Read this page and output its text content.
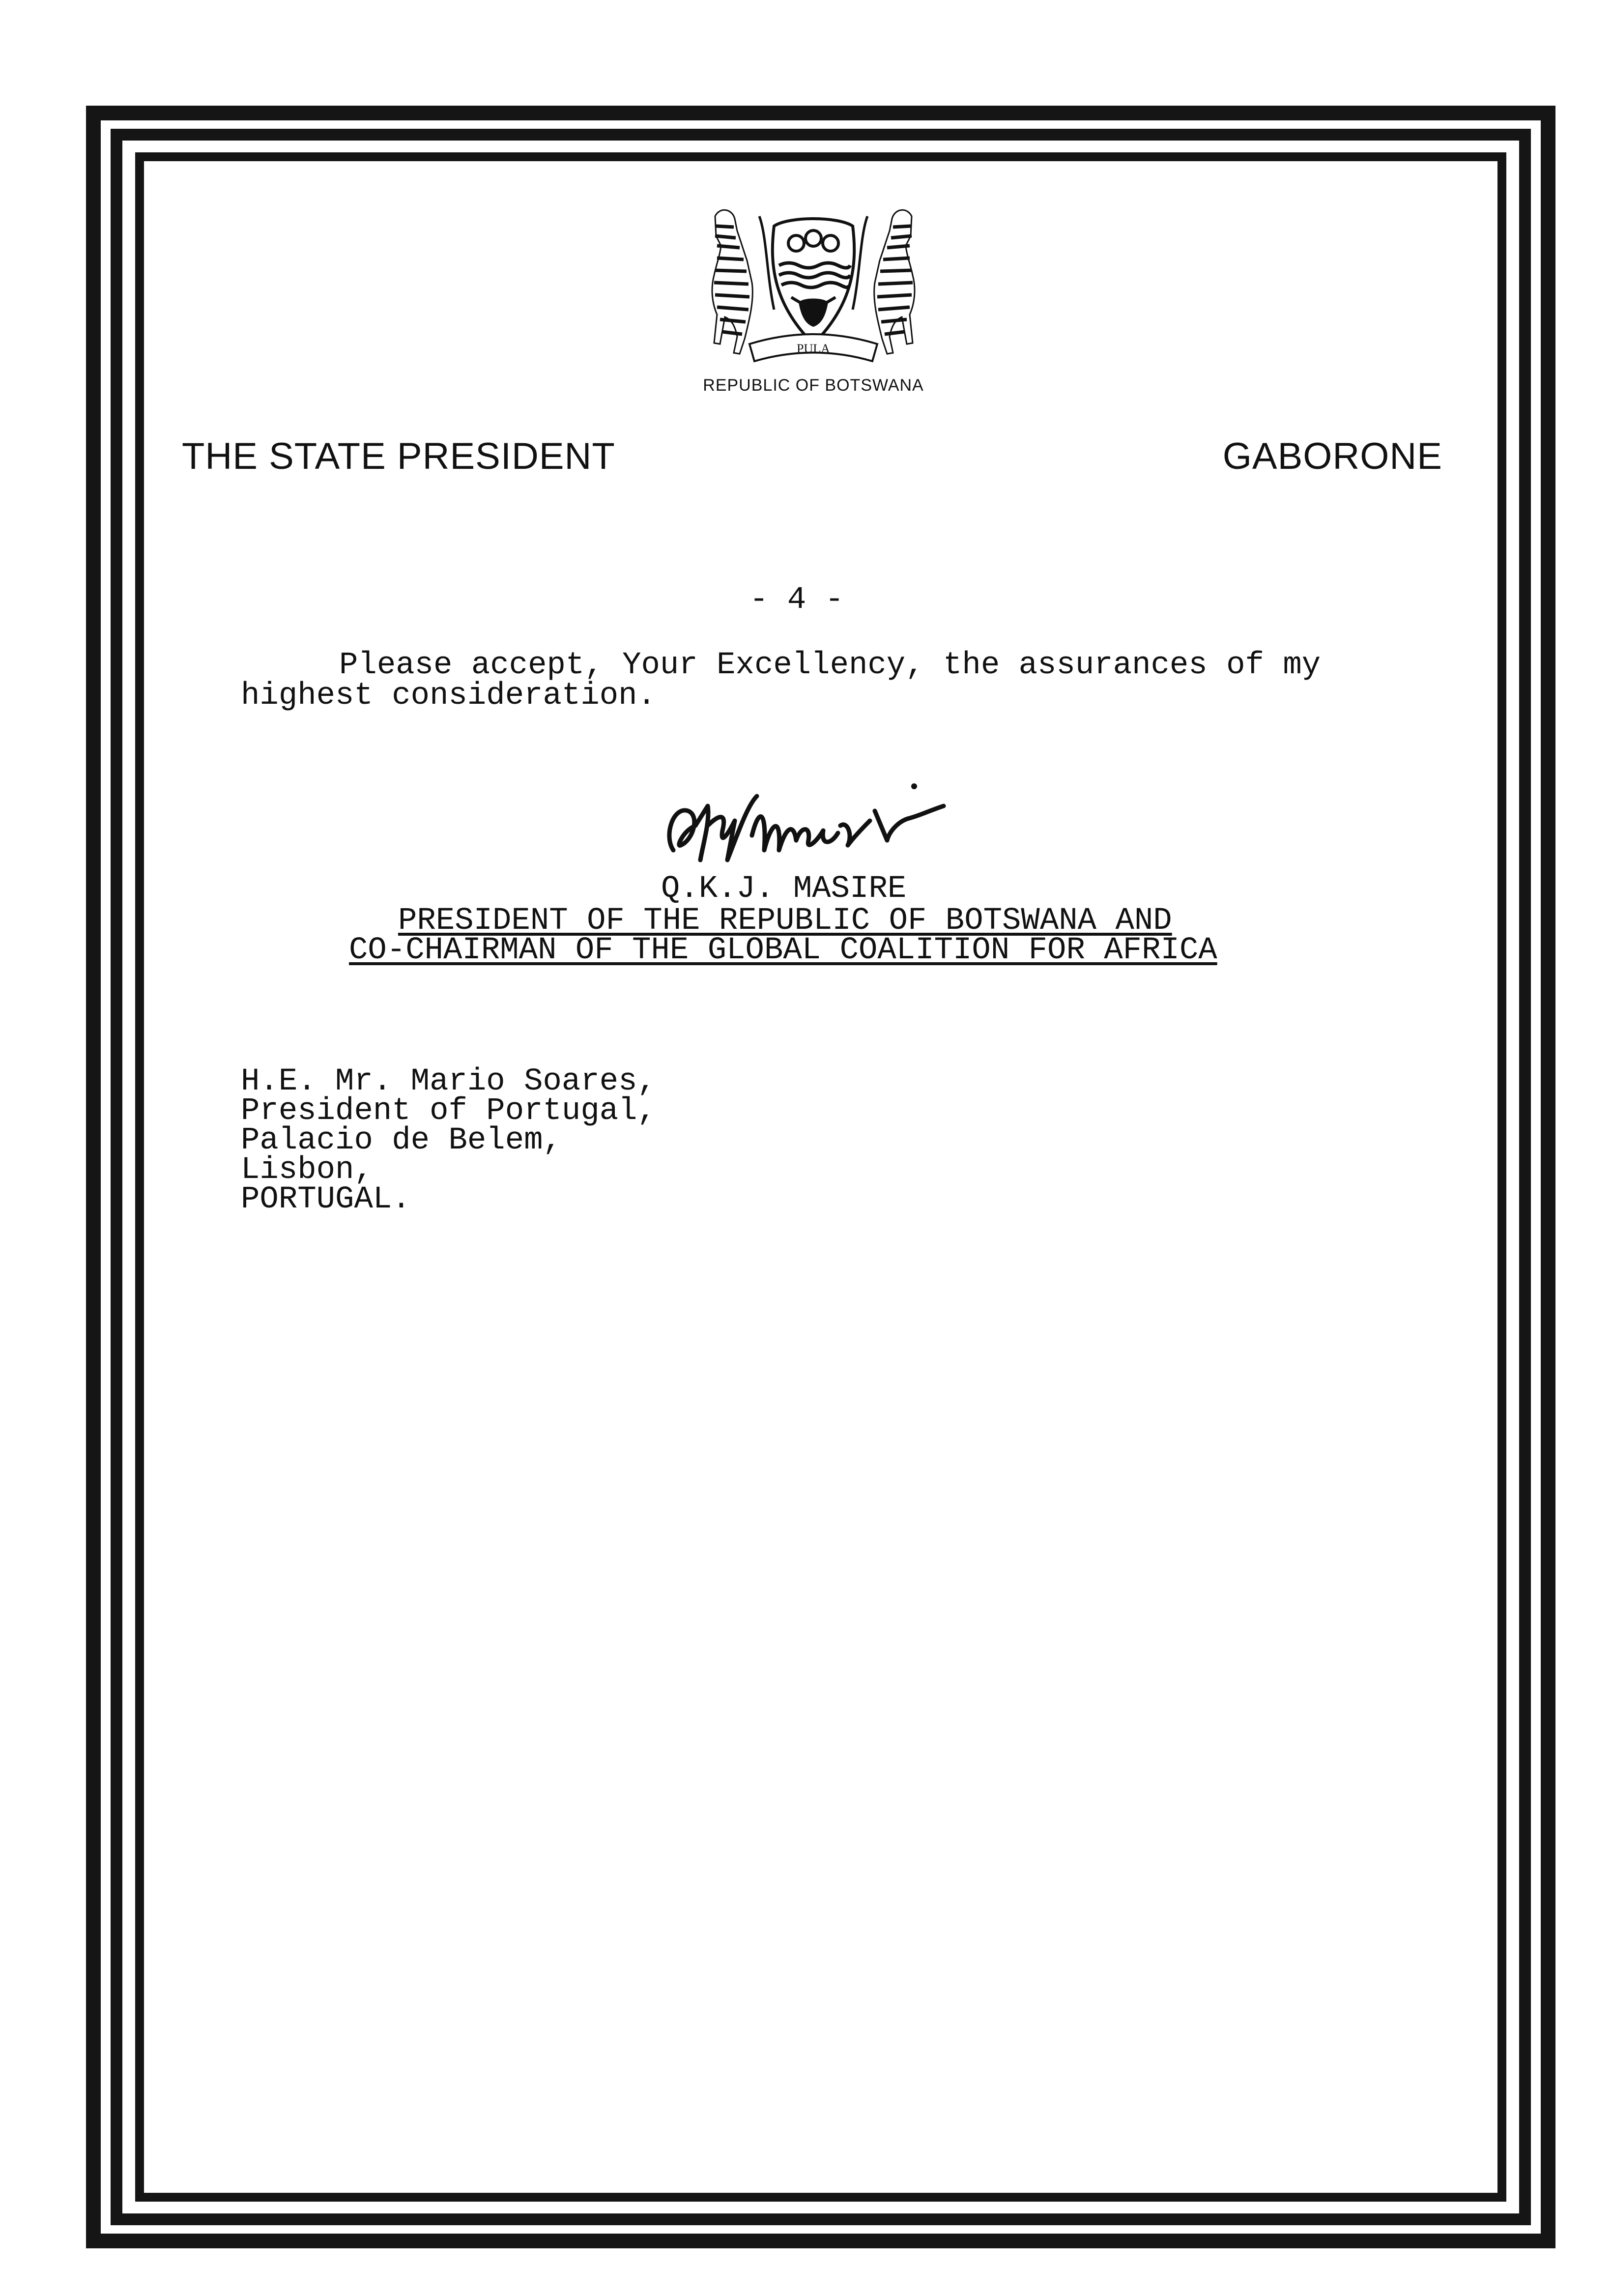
PULA
REPUBLIC OF BOTSWANA
THE STATE PRESIDENT	GABORONE
- 4 -
Please accept, Your Excellency, the assurances of my
highest consideration.
Q.K.J. MASIRE
PRESIDENT OF THE REPUBLIC OF BOTSWANA AND
CO-CHAIRMAN OF THE GLOBAL COALITION FOR AFRICA
H.E. Mr. Mario Soares,
President of Portugal,
Palacio de Belem,
Lisbon,
PORTUGAL.
